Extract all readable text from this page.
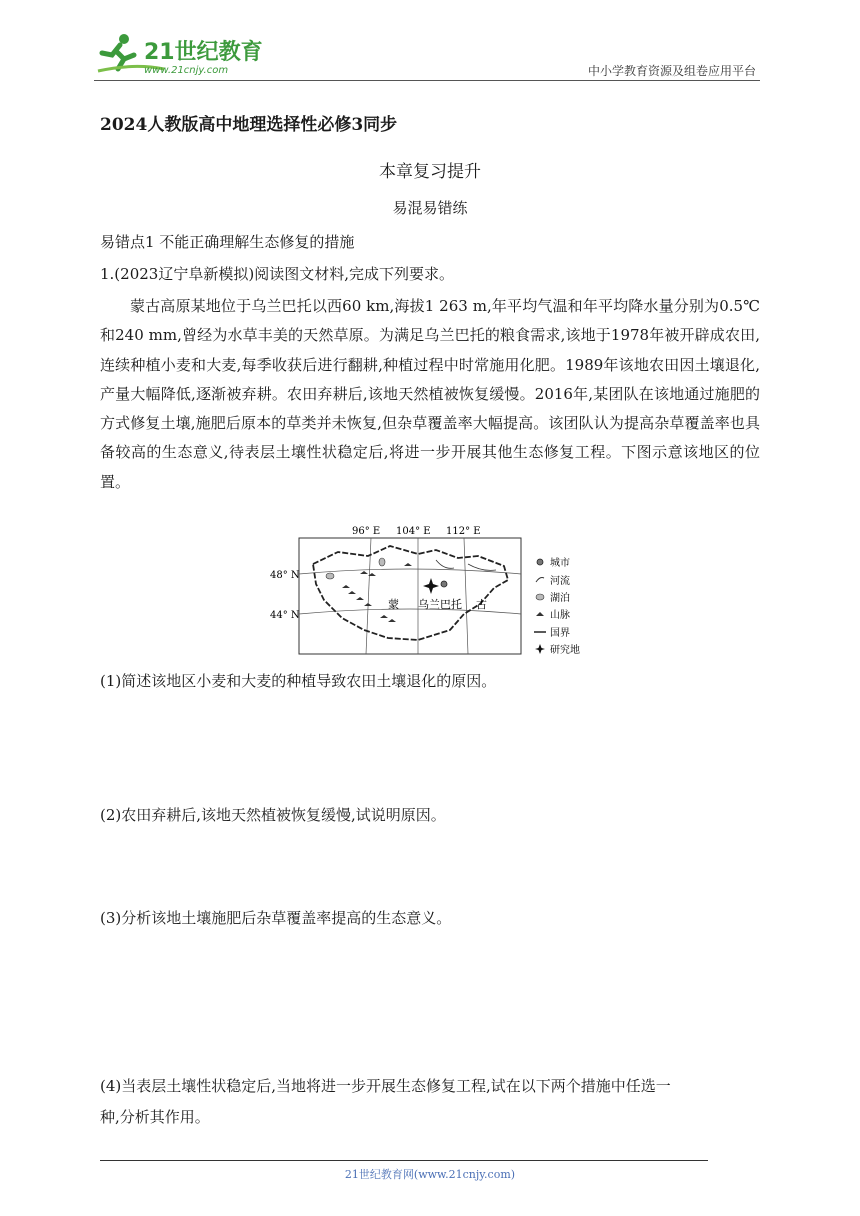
21世纪教育
www.21cnjy.com	中小学教育资源及组卷应用平台
2024人教版高中地理选择性必修3同步
本章复习提升
易混易错练
易错点1 不能正确理解生态修复的措施
1.(2023辽宁阜新模拟)阅读图文材料,完成下列要求。
蒙古高原某地位于乌兰巴托以西60 km,海拔1 263 m,年平均气温和年平均降水量分别为0.5℃和240 mm,曾经为水草丰美的天然草原。为满足乌兰巴托的粮食需求,该地于1978年被开辟成农田,连续种植小麦和大麦,每季收获后进行翻耕,种植过程中时常施用化肥。1989年该地农田因土壤退化,产量大幅降低,逐渐被弃耕。农田弃耕后,该地天然植被恢复缓慢。2016年,某团队在该地通过施肥的方式修复土壤,施肥后原本的草类并未恢复,但杂草覆盖率大幅提高。该团队认为提高杂草覆盖率也具备较高的生态意义,待表层土壤性状稳定后,将进一步开展其他生态修复工程。下图示意该地区的位置。
96° E 104° E 112° E
48° N
44° N
蒙 乌兰巴托 古
城市
河流
湖泊
山脉
国界
研究地
(1)简述该地区小麦和大麦的种植导致农田土壤退化的原因。
(2)农田弃耕后,该地天然植被恢复缓慢,试说明原因。
(3)分析该地土壤施肥后杂草覆盖率提高的生态意义。
(4)当表层土壤性状稳定后,当地将进一步开展生态修复工程,试在以下两个措施中任选一
种,分析其作用。
21世纪教育网(www.21cnjy.com)
